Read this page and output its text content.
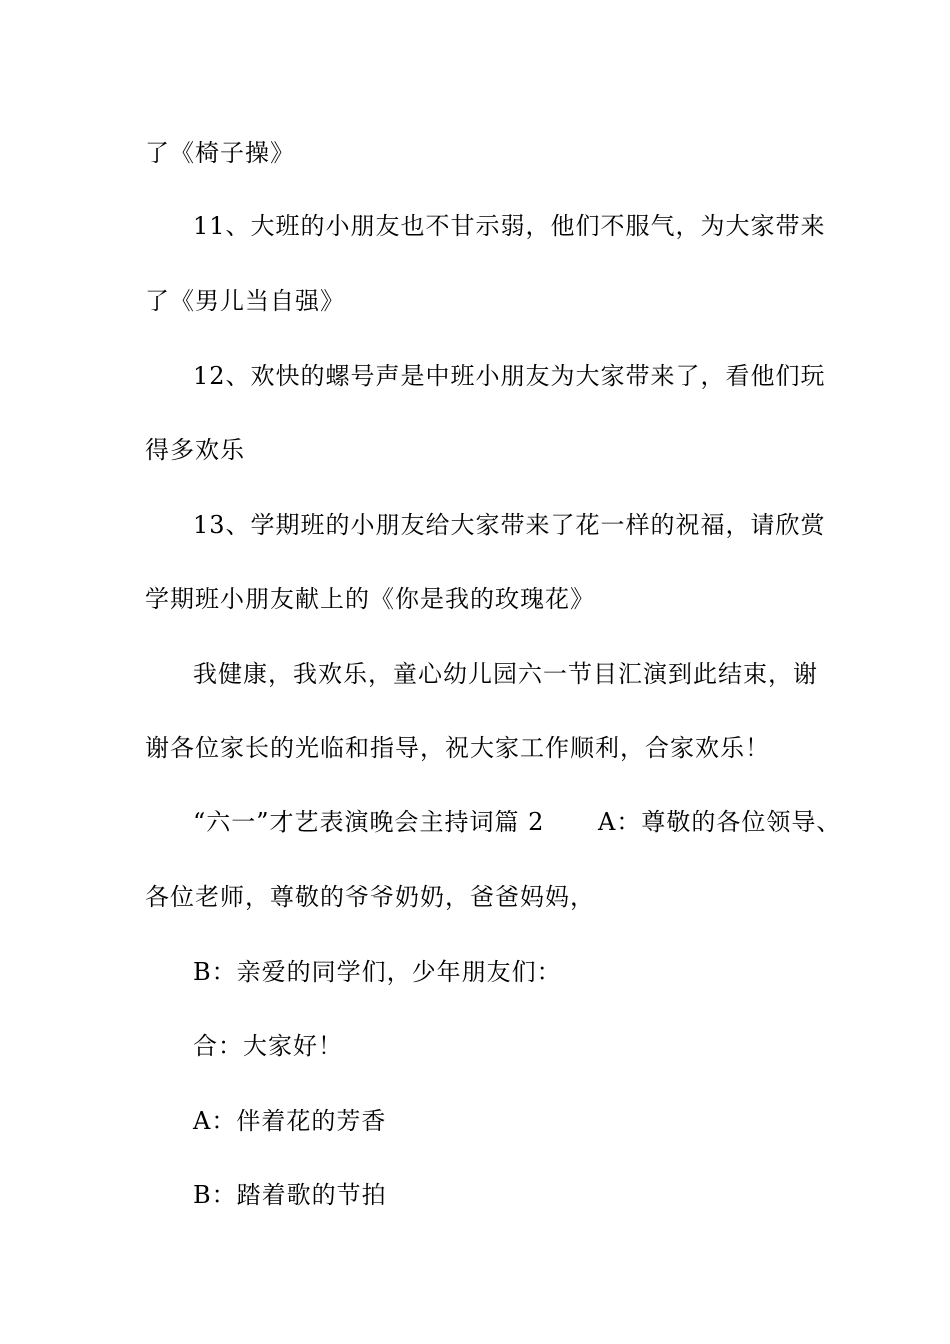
了《椅子操》
11、大班的小朋友也不甘示弱，他们不服气，为大家带来
了《男儿当自强》
12、欢快的螺号声是中班小朋友为大家带来了，看他们玩
得多欢乐
13、学期班的小朋友给大家带来了花一样的祝福，请欣赏
学期班小朋友献上的《你是我的玫瑰花》
我健康，我欢乐，童心幼儿园六一节目汇演到此结束，谢
谢各位家长的光临和指导，祝大家工作顺利，合家欢乐！
“六一”才艺表演晚会主持词篇 2 A：尊敬的各位领导、
各位老师，尊敬的爷爷奶奶，爸爸妈妈，
B：亲爱的同学们，少年朋友们：
合：大家好！
A：伴着花的芳香
B：踏着歌的节拍
